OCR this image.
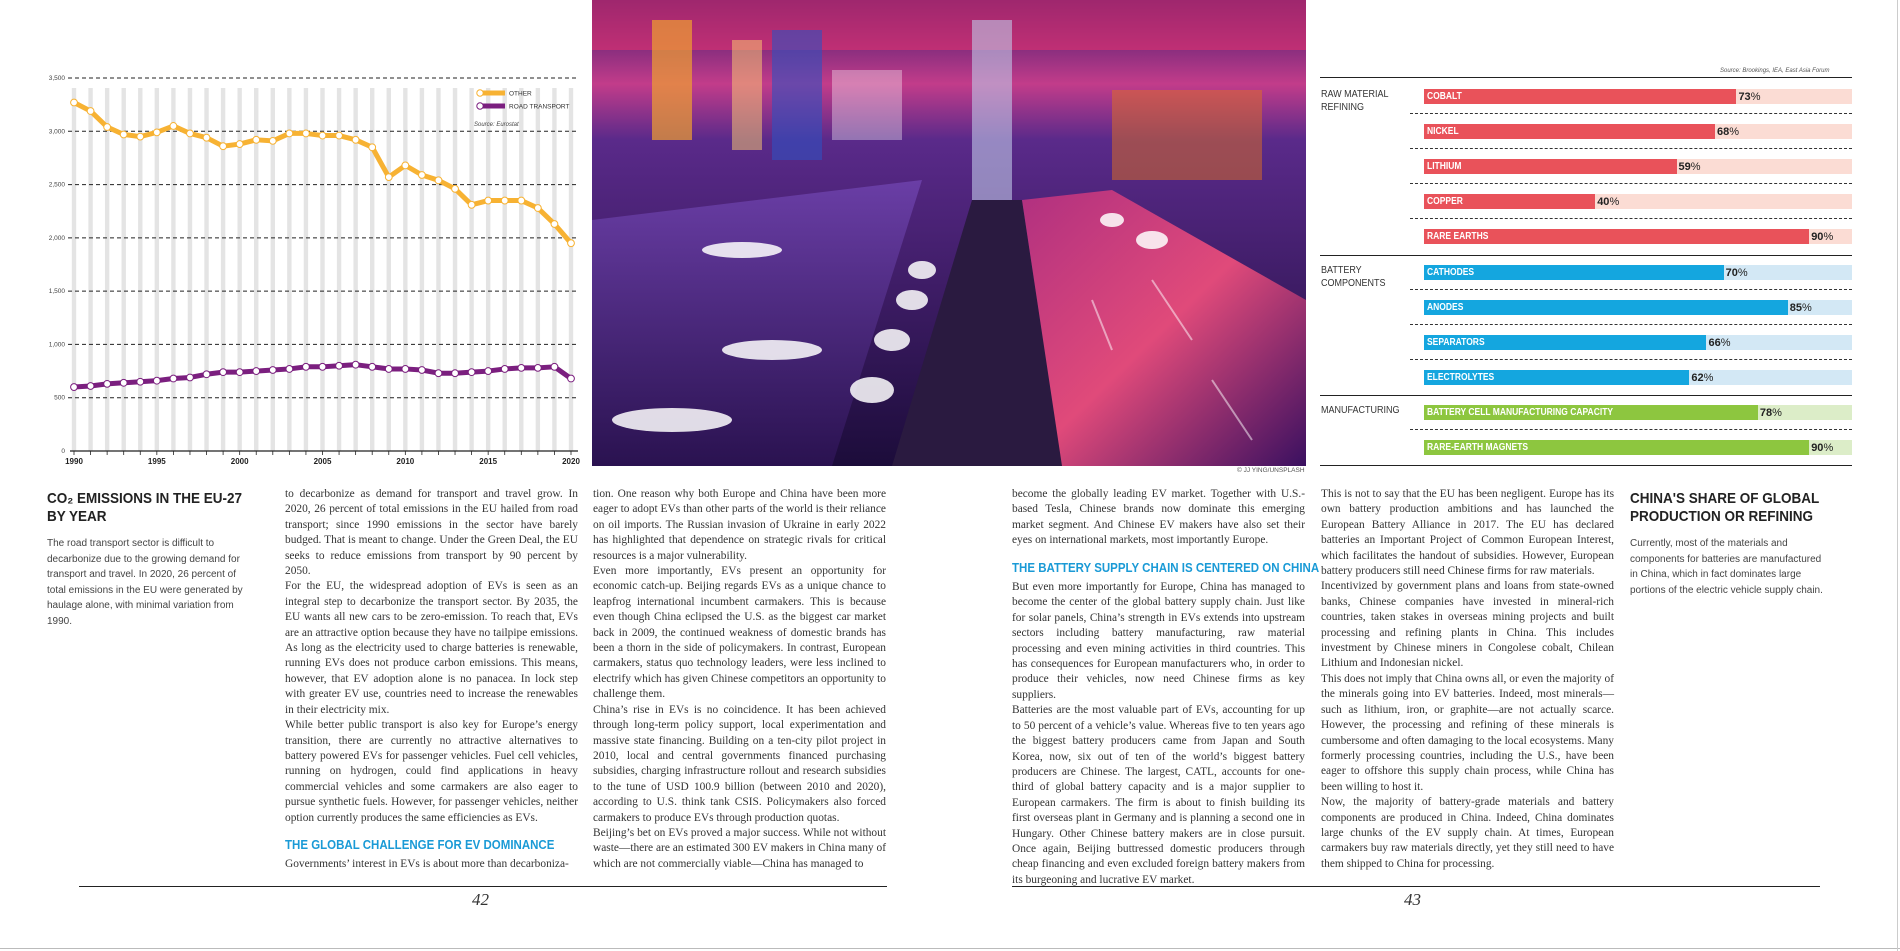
0
500
1,000
1,500
2,000
2,500
3,000
3,500
1990	1995	2000	2005	2010	2015	2020
OTHER
ROAD TRANSPORT
Source: Eurostat
CO₂ EMISSIONS IN THE EU-27
BY YEAR
The road transport sector is difficult to decarbonize due to the growing demand for transport and travel. In 2020, 26 percent of total emissions in the EU were generated by haulage alone, with minimal variation from 1990.

to decarbonize as demand for transport and travel grow. In 2020, 26 percent of total emissions in the EU hailed from road transport; since 1990 emissions in the sector have barely budged. That is meant to change. Under the Green Deal, the EU seeks to reduce emissions from transport by 90 percent by 2050.

For the EU, the widespread adoption of EVs is seen as an integral step to decarbonize the transport sector. By 2035, the EU wants all new cars to be zero-emission. To reach that, EVs are an attractive option because they have no tailpipe emissions. As long as the electricity used to charge batteries is renewable, running EVs does not produce carbon emissions. This means, however, that EV adoption alone is no panacea. In lock step with greater EV use, countries need to increase the renewables in their electricity mix.

While better public transport is also key for Europe’s energy transition, there are currently no attractive alternatives to battery powered EVs for passenger vehicles. Fuel cell vehicles, running on hydrogen, could find applications in heavy commercial vehicles and some carmakers are also eager to pursue synthetic fuels. However, for passenger vehicles, neither option currently produces the same efficiencies as EVs.

THE GLOBAL CHALLENGE FOR EV DOMINANCE

Governments’ interest in EVs is about more than decarboniza-

tion. One reason why both Europe and China have been more eager to adopt EVs than other parts of the world is their reliance on oil imports. The Russian invasion of Ukraine in early 2022 has highlighted that dependence on strategic rivals for critical resources is a major vulnerability.

Even more importantly, EVs present an opportunity for economic catch-up. Beijing regards EVs as a unique chance to leapfrog international incumbent carmakers. This is because even though China eclipsed the U.S. as the biggest car market back in 2009, the continued weakness of domestic brands has been a thorn in the side of policymakers. In contrast, European carmakers, status quo technology leaders, were less inclined to electrify which has given Chinese competitors an opportunity to challenge them.

China’s rise in EVs is no coincidence. It has been achieved through long-term policy support, local experimentation and massive state financing. Building on a ten-city pilot project in 2010, local and central governments financed purchasing subsidies, charging infrastructure rollout and research subsidies to the tune of USD 100.9 billion (between 2010 and 2020), according to U.S. think tank CSIS. Policymakers also forced carmakers to produce EVs through production quotas.

Beijing’s bet on EVs proved a major success. While not without waste—there are an estimated 300 EV makers in China many of which are not commercially viable—China has managed to

42
© JJ YING/UNSPLASH
Source: Brookings, IEA, East Asia Forum
RAW MATERIAL
REFINING
COBALT	73%
NICKEL	68%
LITHIUM	59%
COPPER	40%
RARE EARTHS	90%
BATTERY
COMPONENTS
CATHODES	70%
ANODES	85%
SEPARATORS	66%
ELECTROLYTES	62%
MANUFACTURING	BATTERY CELL MANUFACTURING CAPACITY	78%
RARE-EARTH MAGNETS	90%

become the globally leading EV market. Together with U.S.-based Tesla, Chinese brands now dominate this emerging market segment. And Chinese EV makers have also set their eyes on international markets, most importantly Europe.

THE BATTERY SUPPLY CHAIN IS CENTERED ON CHINA

But even more importantly for Europe, China has managed to become the center of the global battery supply chain. Just like for solar panels, China’s strength in EVs extends into upstream sectors including battery manufacturing, raw material processing and even mining activities in third countries. This has consequences for European manufacturers who, in order to produce their vehicles, now need Chinese firms as key suppliers.

Batteries are the most valuable part of EVs, accounting for up to 50 percent of a vehicle’s value. Whereas five to ten years ago the biggest battery producers came from Japan and South Korea, now, six out of ten of the world’s biggest battery producers are Chinese. The largest, CATL, accounts for one-third of global battery capacity and is a major supplier to European carmakers. The firm is about to finish building its first overseas plant in Germany and is planning a second one in Hungary. Other Chinese battery makers are in close pursuit. Once again, Beijing buttressed domestic producers through cheap financing and even excluded foreign battery makers from its burgeoning and lucrative EV market.

This is not to say that the EU has been negligent. Europe has its own battery production ambitions and has launched the European Battery Alliance in 2017. The EU has declared batteries an Important Project of Common European Interest, which facilitates the handout of subsidies. However, European battery producers still need Chinese firms for raw materials.

Incentivized by government plans and loans from state-owned banks, Chinese companies have invested in mineral-rich countries, taken stakes in overseas mining projects and built processing and refining plants in China. This includes investment by Chinese miners in Congolese cobalt, Chilean Lithium and Indonesian nickel.

This does not imply that China owns all, or even the majority of the minerals going into EV batteries. Indeed, most minerals—such as lithium, iron, or graphite—are not actually scarce. However, the processing and refining of these minerals is cumbersome and often damaging to the local ecosystems. Many formerly processing countries, including the U.S., have been eager to offshore this supply chain process, while China has been willing to host it.

Now, the majority of battery-grade materials and battery components are produced in China. Indeed, China dominates large chunks of the EV supply chain. At times, European carmakers buy raw materials directly, yet they still need to have them shipped to China for processing.

CHINA'S SHARE OF GLOBAL
PRODUCTION OR REFINING
Currently, most of the materials and components for batteries are manufactured in China, which in fact dominates large portions of the electric vehicle supply chain.
43
